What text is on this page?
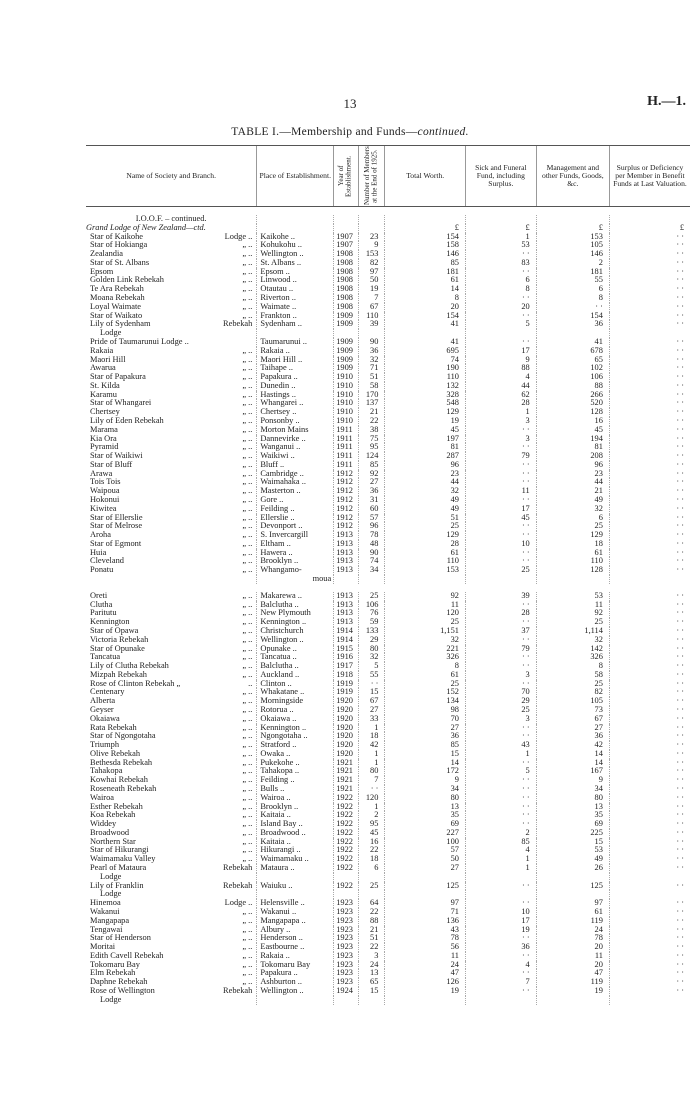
13	H.—1.
TABLE I.—Membership and Funds—continued.
Name of Society and Branch.	Place of Establishment.	Year of Establishment.	Number of Members at the End of 1925.	Total Worth.	Sick and Funeral Fund, including Surplus.	Management and other Funds, Goods, &c.	Surplus or Deficiency per Member in Benefit Funds at Last Valuation.

I.O.O.F. – continued.							
Grand Lodge of New Zealand—ctd.				£	£	£	£
Star of Kaikohe Lodge ..	Kaikohe ..	1907	23	154	1	153	· ·
Star of Hokianga „ ..	Kohukohu ..	1907	9	158	53	105	· ·
Zealandia „ ..	Wellington ..	1908	153	146	· ·	146	· ·
Star of St. Albans „ ..	St. Albans ..	1908	82	85	83	2	· ·
Epsom „ ..	Epsom ..	1908	97	181	· ·	181	· ·
Golden Link Rebekah „ ..	Linwood ..	1908	50	61	6	55	· ·
Te Ara Rebekah „ ..	Otautau ..	1908	19	14	8	6	· ·
Moana Rebekah „ ..	Riverton ..	1908	7	8	· ·	8	· ·
Loyal Waimate „ ..	Waimate ..	1908	67	20	20	· ·	· ·
Star of Waikato „ ..	Frankton ..	1909	110	154	· ·	154	· ·
Lily of Sydenham Rebekah	Sydenham ..	1909	39	41	5	36	· ·
Lodge							
Pride of Taumarunui Lodge ..	Taumarunui ..	1909	90	41	· ·	41	· ·
Rakaia „ ..	Rakaia ..	1909	36	695	17	678	· ·
Maori Hill „ ..	Maori Hill ..	1909	32	74	9	65	· ·
Awarua „ ..	Taihape ..	1909	71	190	88	102	· ·
Star of Papakura „ ..	Papakura ..	1910	51	110	4	106	· ·
St. Kilda „ ..	Dunedin ..	1910	58	132	44	88	· ·
Karamu „ ..	Hastings ..	1910	170	328	62	266	· ·
Star of Whangarei „ ..	Whangarei ..	1910	137	548	28	520	· ·
Chertsey „ ..	Chertsey ..	1910	21	129	1	128	· ·
Lily of Eden Rebekah „ ..	Ponsonby ..	1910	22	19	3	16	· ·
Marama „ ..	Morton Mains	1911	38	45	· ·	45	· ·
Kia Ora „ ..	Dannevirke ..	1911	75	197	3	194	· ·
Pyramid „ ..	Wanganui ..	1911	95	81	· ·	81	· ·
Star of Waikiwi „ ..	Waikiwi ..	1911	124	287	79	208	· ·
Star of Bluff „ ..	Bluff ..	1911	85	96	· ·	96	· ·
Arawa „ ..	Cambridge ..	1912	92	23	· ·	23	· ·
Tois Tois „ ..	Waimahaka ..	1912	27	44	· ·	44	· ·
Waipoua „ ..	Masterton ..	1912	36	32	11	21	· ·
Hokonui „ ..	Gore ..	1912	31	49	· ·	49	· ·
Kiwitea „ ..	Feilding ..	1912	60	49	17	32	· ·
Star of Ellerslie „ ..	Ellerslie ..	1912	57	51	45	6	· ·
Star of Melrose „ ..	Devonport ..	1912	96	25	· ·	25	· ·
Aroha „ ..	S. Invercargill	1913	78	129	· ·	129	· ·
Star of Egmont „ ..	Eltham ..	1913	48	28	10	18	· ·
Huia „ ..	Hawera ..	1913	90	61	· ·	61	· ·
Cleveland „ ..	Brooklyn ..	1913	74	110	· ·	110	· ·
Ponatu „ ..	Whangamo-	1913	34	153	25	128	· ·
	moua						

Oreti „ ..	Makarewa ..	1913	25	92	39	53	· ·
Clutha „ ..	Balclutha ..	1913	106	11	· ·	11	· ·
Paritutu „ ..	New Plymouth	1913	76	120	28	92	· ·
Kennington „ ..	Kennington ..	1913	59	25	· ·	25	· ·
Star of Opawa „ ..	Christchurch	1914	133	1,151	37	1,114	· ·
Victoria Rebekah „ ..	Wellington ..	1914	29	32	· ·	32	· ·
Star of Opunake „ ..	Opunake ..	1915	80	221	79	142	· ·
Tancatua „ ..	Tancatua ..	1916	32	326	· ·	326	· ·
Lily of Clutha Rebekah „ ..	Balclutha ..	1917	5	8	· ·	8	· ·
Mizpah Rebekah „ ..	Auckland ..	1918	55	61	3	58	· ·
Rose of Clinton Rebekah „ ..	Clinton ..	1919	· ·	25	· ·	25	· ·
Centenary „ ..	Whakatane ..	1919	15	152	70	82	· ·
Alberta „ ..	Morningside	1920	67	134	29	105	· ·
Geyser „ ..	Rotorua ..	1920	27	98	25	73	· ·
Okaiawa „ ..	Okaiawa ..	1920	33	70	3	67	· ·
Rata Rebekah „ ..	Kennington ..	1920	1	27	· ·	27	· ·
Star of Ngongotaha „ ..	Ngongotaha ..	1920	18	36	· ·	36	· ·
Triumph „ ..	Stratford ..	1920	42	85	43	42	· ·
Olive Rebekah „ ..	Owaka ..	1920	1	15	1	14	· ·
Bethesda Rebekah „ ..	Pukekohe ..	1921	1	14	· ·	14	· ·
Tahakopa „ ..	Tahakopa ..	1921	80	172	5	167	· ·
Kowhai Rebekah „ ..	Feilding ..	1921	7	9	· ·	9	· ·
Roseneath Rebekah „ ..	Bulls ..	1921	· ·	34	· ·	34	· ·
Wairoa „ ..	Wairoa ..	1922	120	80	· ·	80	· ·
Esther Rebekah „ ..	Brooklyn ..	1922	1	13	· ·	13	· ·
Koa Rebekah „ ..	Kaitaia ..	1922	2	35	· ·	35	· ·
Widdey „ ..	Island Bay ..	1922	95	69	· ·	69	· ·
Broadwood „ ..	Broadwood ..	1922	45	227	2	225	· ·
Northern Star „ ..	Kaitaia ..	1922	16	100	85	15	· ·
Star of Hikurangi „ ..	Hikurangi ..	1922	22	57	4	53	· ·
Waimamaku Valley „ ..	Waimamaku ..	1922	18	50	1	49	· ·
Pearl of Mataura Rebekah	Mataura ..	1922	6	27	1	26	· ·
Lodge							
Lily of Franklin Rebekah	Waiuku ..	1922	25	125	· ·	125	· ·
Lodge							
Hinemoa Lodge ..	Helensville ..	1923	64	97	· ·	97	· ·
Wakanui „ ..	Wakanui ..	1923	22	71	10	61	· ·
Mangapapa „ ..	Mangapapa ..	1923	88	136	17	119	· ·
Tengawai „ ..	Albury ..	1923	21	43	19	24	· ·
Star of Henderson „ ..	Henderson ..	1923	51	78	· ·	78	· ·
Moritai „ ..	Eastbourne ..	1923	22	56	36	20	· ·
Edith Cavell Rebekah „ ..	Rakaia ..	1923	3	11	· ·	11	· ·
Tokomaru Bay „ ..	Tokomaru Bay	1923	24	24	4	20	· ·
Elm Rebekah „ ..	Papakura ..	1923	13	47	· ·	47	· ·
Daphne Rebekah „ ..	Ashburton ..	1923	65	126	7	119	· ·
Rose of Wellington Rebekah	Wellington ..	1924	15	19	· ·	19	· ·
Lodge							
